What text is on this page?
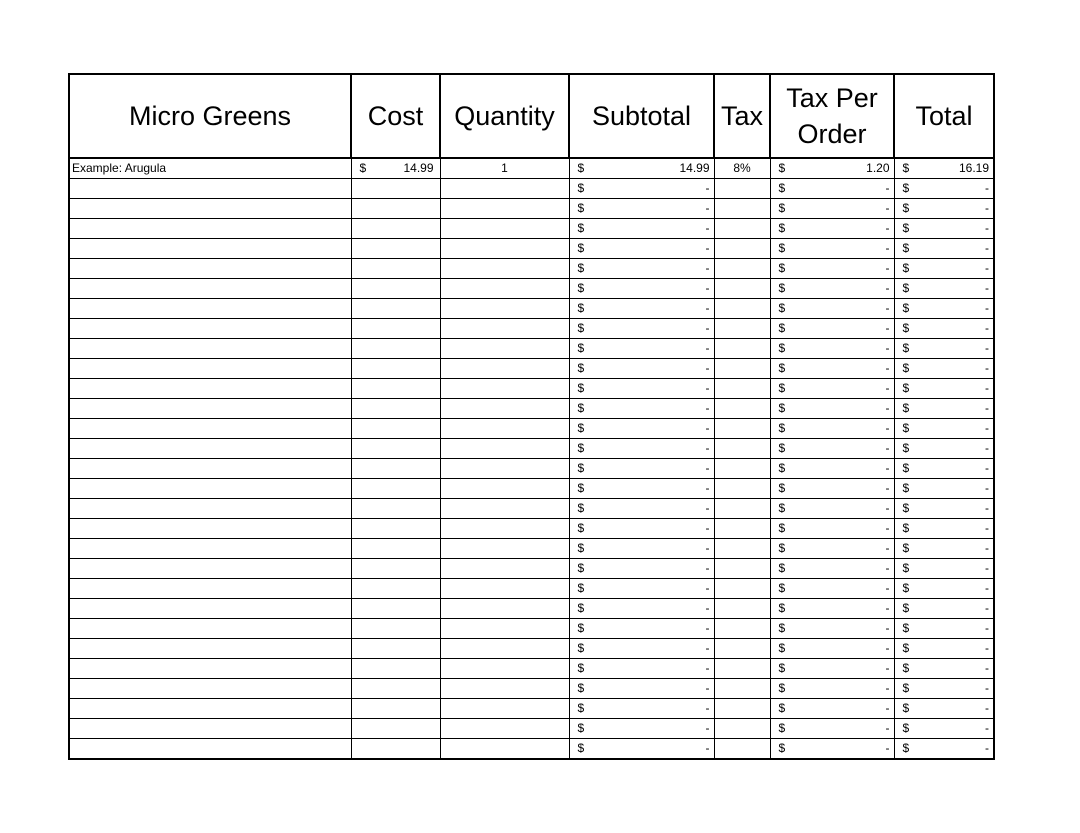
Micro Greens	Cost	Quantity	Subtotal	Tax	Tax Per Order	Total
Example: Arugula	$ 14.99	1	$ 14.99	8%	$ 1.20	$ 16.19

			$ -		$ -	$ -

			$ -		$ -	$ -

			$ -		$ -	$ -

			$ -		$ -	$ -

			$ -		$ -	$ -

			$ -		$ -	$ -

			$ -		$ -	$ -

			$ -		$ -	$ -

			$ -		$ -	$ -

			$ -		$ -	$ -

			$ -		$ -	$ -

			$ -		$ -	$ -

			$ -		$ -	$ -

			$ -		$ -	$ -

			$ -		$ -	$ -

			$ -		$ -	$ -

			$ -		$ -	$ -

			$ -		$ -	$ -

			$ -		$ -	$ -

			$ -		$ -	$ -

			$ -		$ -	$ -

			$ -		$ -	$ -

			$ -		$ -	$ -

			$ -		$ -	$ -

			$ -		$ -	$ -

			$ -		$ -	$ -

			$ -		$ -	$ -

			$ -		$ -	$ -

			$ -		$ -	$ -
